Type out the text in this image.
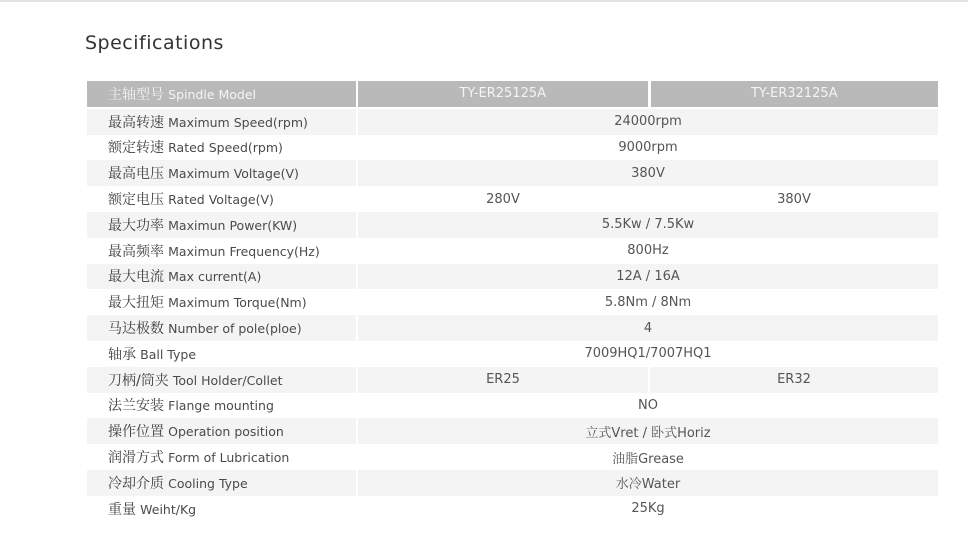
Specifications
主轴型号 Spindle Model	TY-ER25125A	TY-ER32125A
最高转速 Maximum Speed(rpm)	24000rpm	
额定转速 Rated Speed(rpm)	9000rpm	
最高电压 Maximum Voltage(V)	380V	
额定电压 Rated Voltage(V)	280V	380V
最大功率 Maximun Power(KW)	5.5Kw / 7.5Kw	
最高频率 Maximun Frequency(Hz)	800Hz	
最大电流 Max current(A)	12A / 16A	
最大扭矩 Maximum Torque(Nm)	5.8Nm / 8Nm	
马达极数 Number of pole(ploe)	4	
轴承 Ball Type	7009HQ1/7007HQ1	
刀柄/筒夹 Tool Holder/Collet	ER25	ER32
法兰安装 Flange mounting	NO	
操作位置 Operation position	立式Vret / 卧式Horiz	
润滑方式 Form of Lubrication	油脂Grease	
冷却介质 Cooling Type	水冷Water	
重量 Weiht/Kg	25Kg	
